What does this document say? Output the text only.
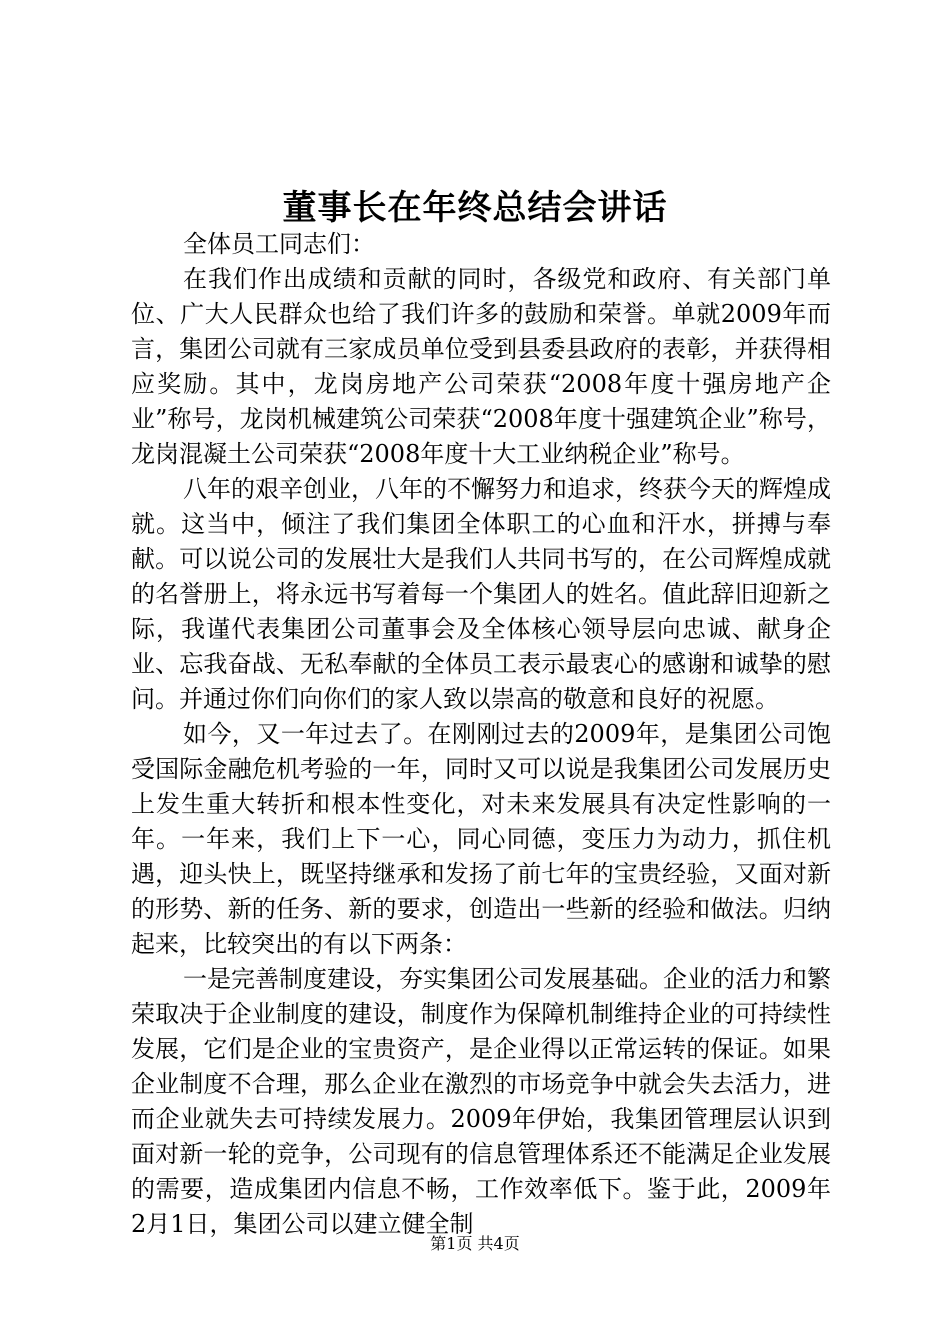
董事长在年终总结会讲话

全体员工同志们：

在我们作出成绩和贡献的同时，各级党和政府、有关部门单位、广大人民群众也给了我们许多的鼓励和荣誉。单就2009年而言，集团公司就有三家成员单位受到县委县政府的表彰，并获得相应奖励。其中，龙岗房地产公司荣获“2008年度十强房地产企业”称号，龙岗机械建筑公司荣获“2008年度十强建筑企业”称号，龙岗混凝土公司荣获“2008年度十大工业纳税企业”称号。

八年的艰辛创业，八年的不懈努力和追求，终获今天的辉煌成就。这当中，倾注了我们集团全体职工的心血和汗水，拼搏与奉献。可以说公司的发展壮大是我们人共同书写的，在公司辉煌成就的名誉册上，将永远书写着每一个集团人的姓名。值此辞旧迎新之际，我谨代表集团公司董事会及全体核心领导层向忠诚、献身企业、忘我奋战、无私奉献的全体员工表示最衷心的感谢和诚挚的慰问。并通过你们向你们的家人致以崇高的敬意和良好的祝愿。

如今，又一年过去了。在刚刚过去的2009年，是集团公司饱受国际金融危机考验的一年，同时又可以说是我集团公司发展历史上发生重大转折和根本性变化，对未来发展具有决定性影响的一年。一年来，我们上下一心，同心同德，变压力为动力，抓住机遇，迎头快上，既坚持继承和发扬了前七年的宝贵经验，又面对新的形势、新的任务、新的要求，创造出一些新的经验和做法。归纳起来，比较突出的有以下两条：

一是完善制度建设，夯实集团公司发展基础。企业的活力和繁荣取决于企业制度的建设，制度作为保障机制维持企业的可持续性发展，它们是企业的宝贵资产，是企业得以正常运转的保证。如果企业制度不合理，那么企业在激烈的市场竞争中就会失去活力，进而企业就失去可持续发展力。2009年伊始，我集团管理层认识到面对新一轮的竞争，公司现有的信息管理体系还不能满足企业发展的需要，造成集团内信息不畅，工作效率低下。鉴于此，2009年2月1日，集团公司以建立健全制

第1页 共4页
